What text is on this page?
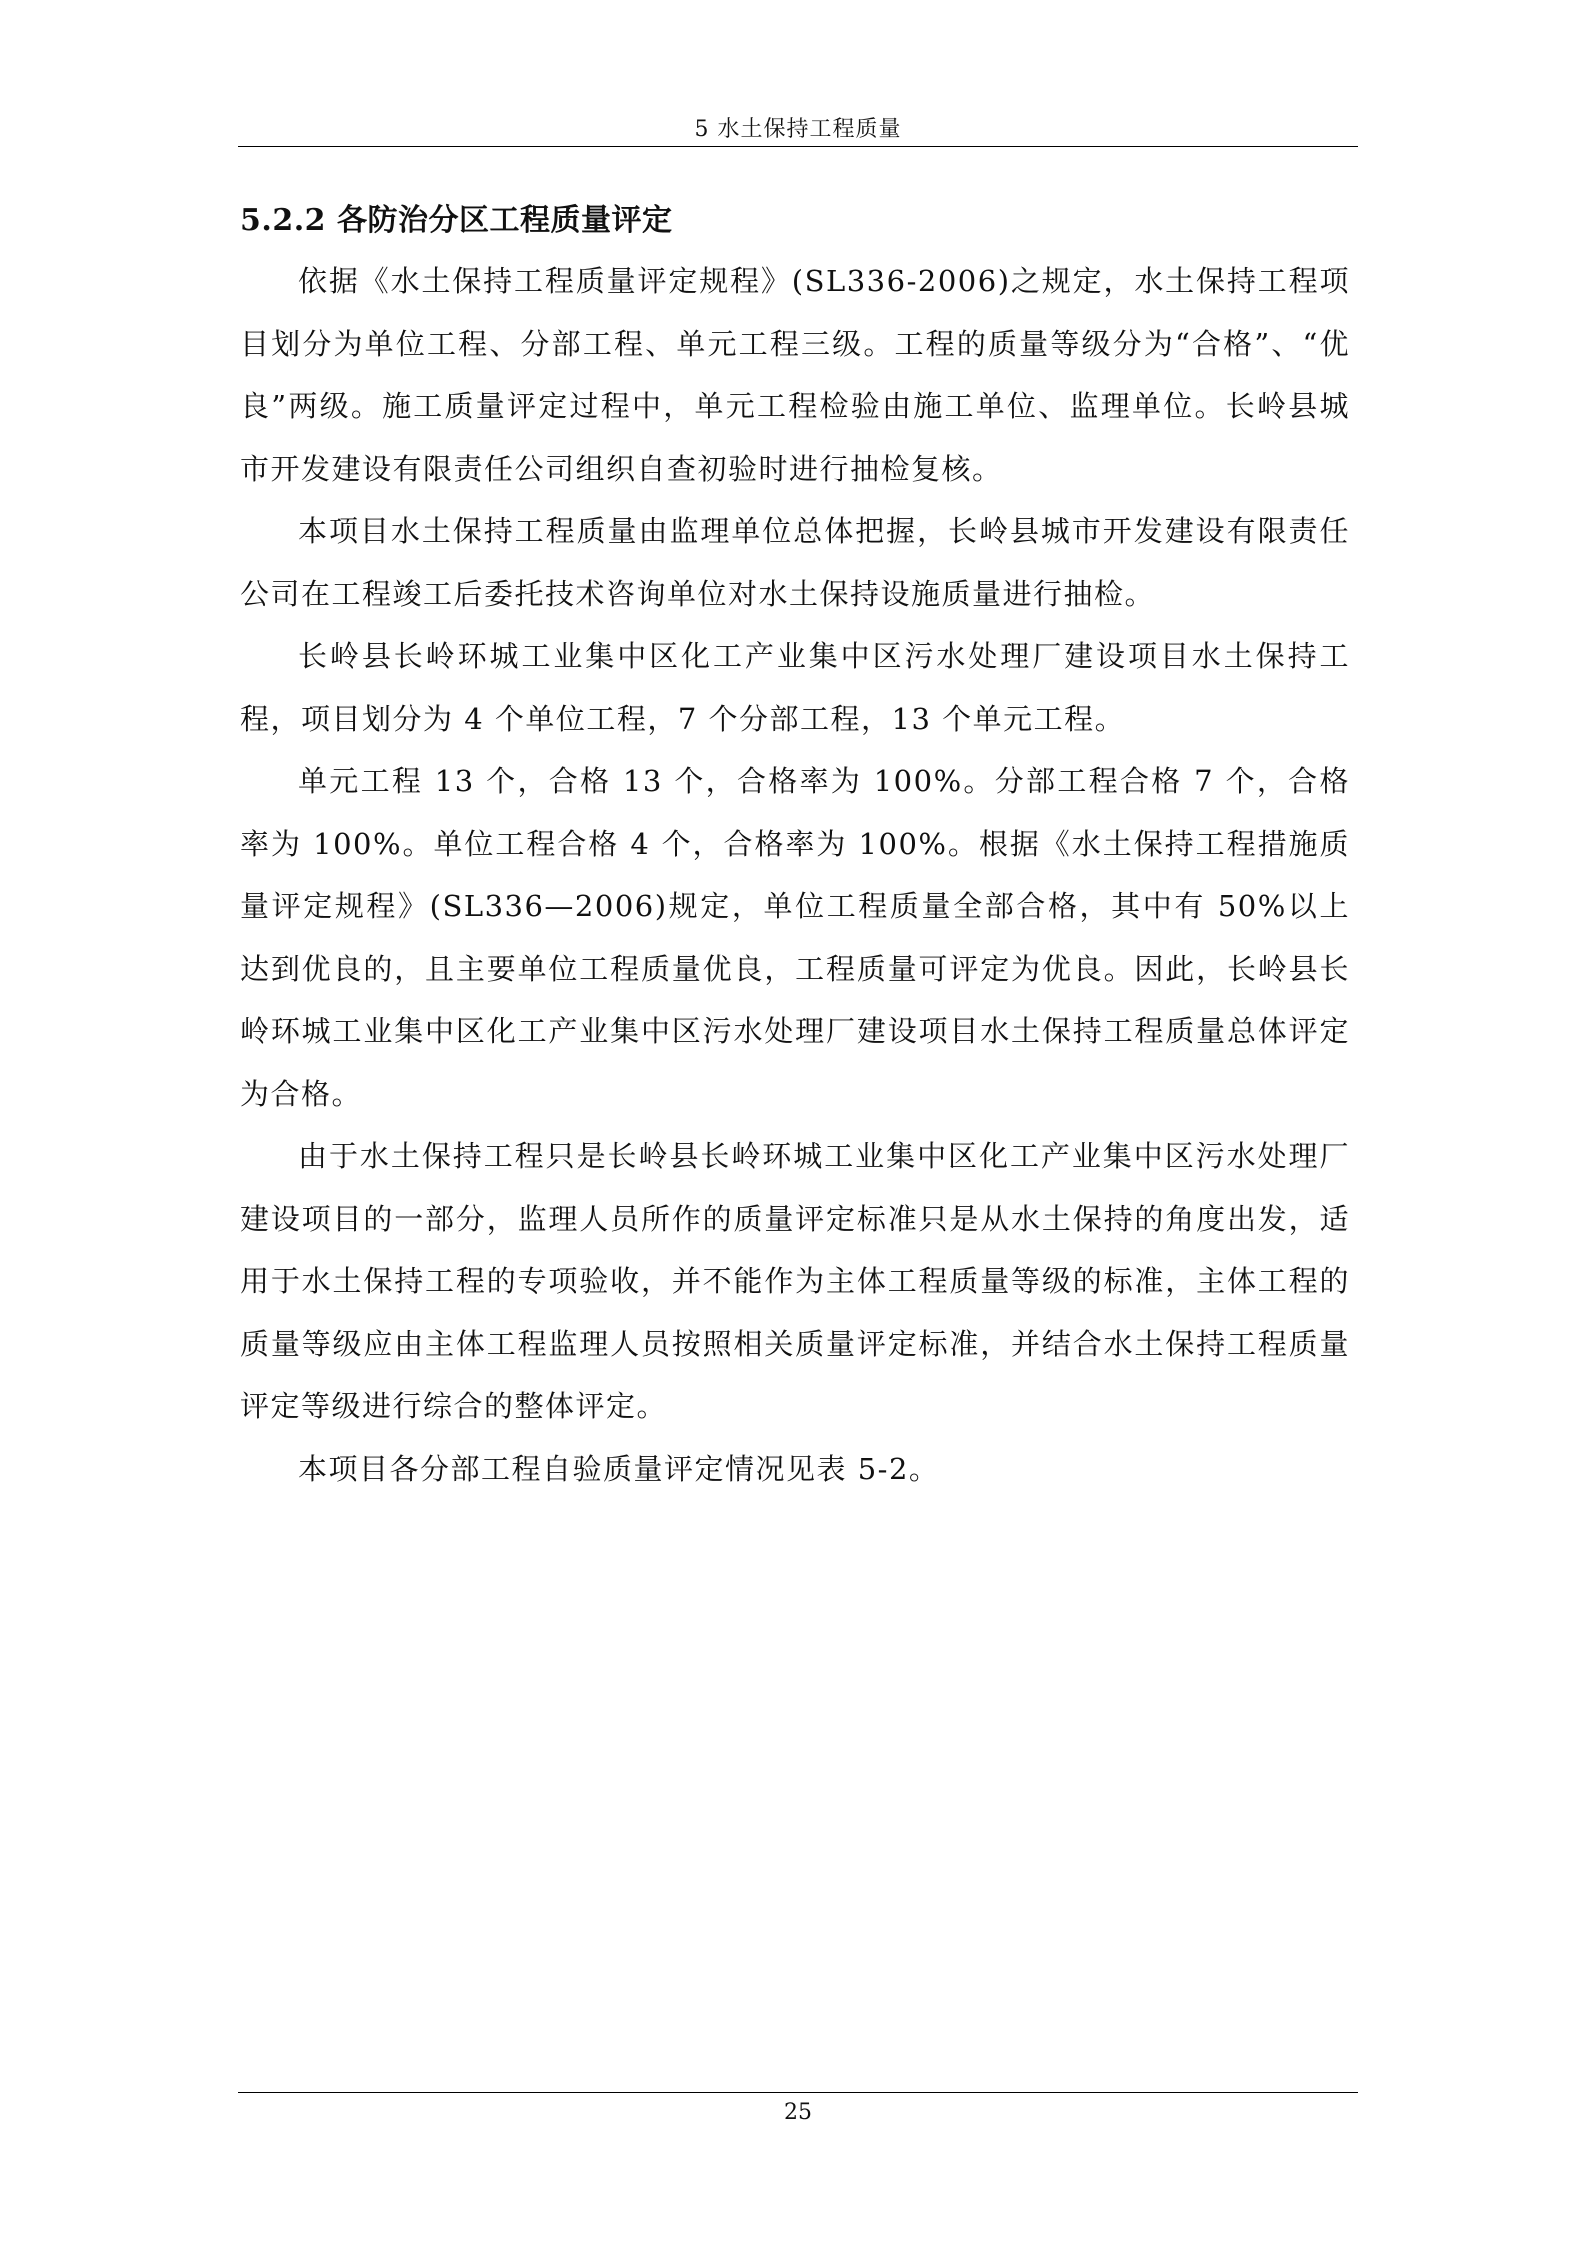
5 水土保持工程质量
5.2.2 各防治分区工程质量评定

依据《水土保持工程质量评定规程》(SL336-2006)之规定，水土保持工程项目划分为单位工程、分部工程、单元工程三级。工程的质量等级分为“合格”、“优良”两级。施工质量评定过程中，单元工程检验由施工单位、监理单位。长岭县城市开发建设有限责任公司组织自查初验时进行抽检复核。

本项目水土保持工程质量由监理单位总体把握，长岭县城市开发建设有限责任公司在工程竣工后委托技术咨询单位对水土保持设施质量进行抽检。

长岭县长岭环城工业集中区化工产业集中区污水处理厂建设项目水土保持工程，项目划分为 4 个单位工程，7 个分部工程，13 个单元工程。

单元工程 13 个，合格 13 个，合格率为 100%。分部工程合格 7 个，合格率为 100%。单位工程合格 4 个，合格率为 100%。根据《水土保持工程措施质量评定规程》(SL336—2006)规定，单位工程质量全部合格，其中有 50%以上达到优良的，且主要单位工程质量优良，工程质量可评定为优良。因此，长岭县长岭环城工业集中区化工产业集中区污水处理厂建设项目水土保持工程质量总体评定为合格。

由于水土保持工程只是长岭县长岭环城工业集中区化工产业集中区污水处理厂建设项目的一部分，监理人员所作的质量评定标准只是从水土保持的角度出发，适用于水土保持工程的专项验收，并不能作为主体工程质量等级的标准，主体工程的质量等级应由主体工程监理人员按照相关质量评定标准，并结合水土保持工程质量评定等级进行综合的整体评定。

本项目各分部工程自验质量评定情况见表 5-2。

25
